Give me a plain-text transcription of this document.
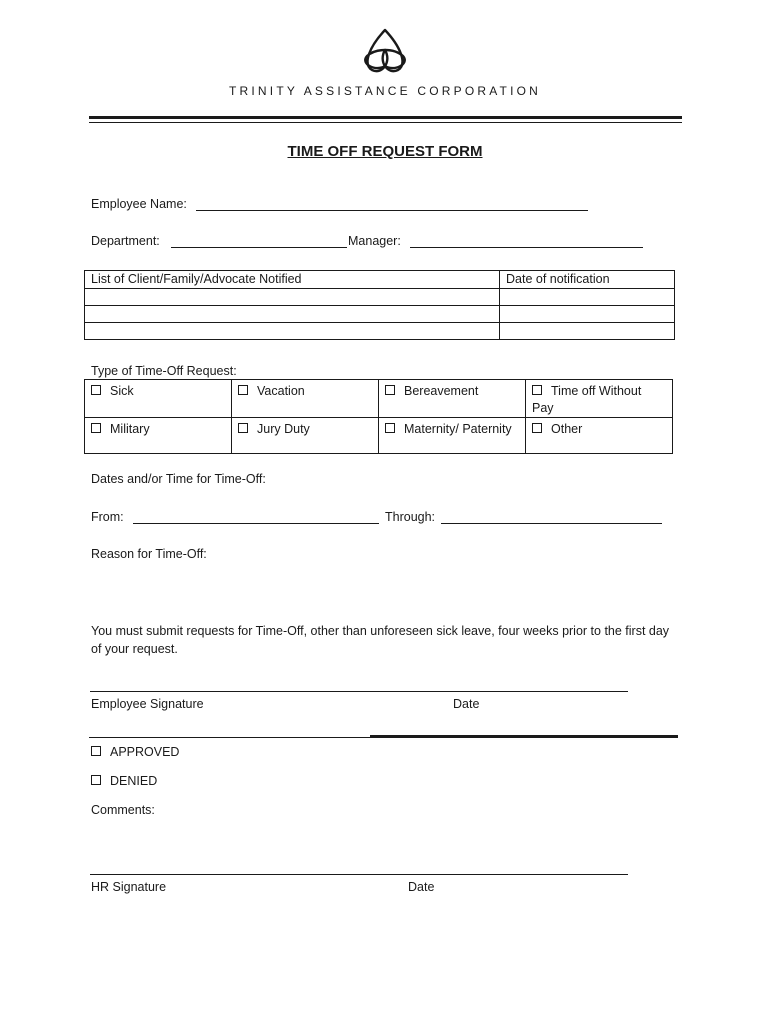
TRINITY ASSISTANCE CORPORATION
TIME OFF REQUEST FORM
Employee Name:
Department:	Manager:
List of Client/Family/Advocate Notified	Date of notification

Type of Time-Off Request:
Sick	Vacation	Bereavement	Time off Without Pay
Military	Jury Duty	Maternity/ Paternity	Other
Dates and/or Time for Time-Off:
From:	Through:
Reason for Time-Off:
You must submit requests for Time-Off, other than unforeseen sick leave, four weeks prior to the first day of your request.
Employee Signature	Date
APPROVED
DENIED
Comments:
HR Signature	Date
